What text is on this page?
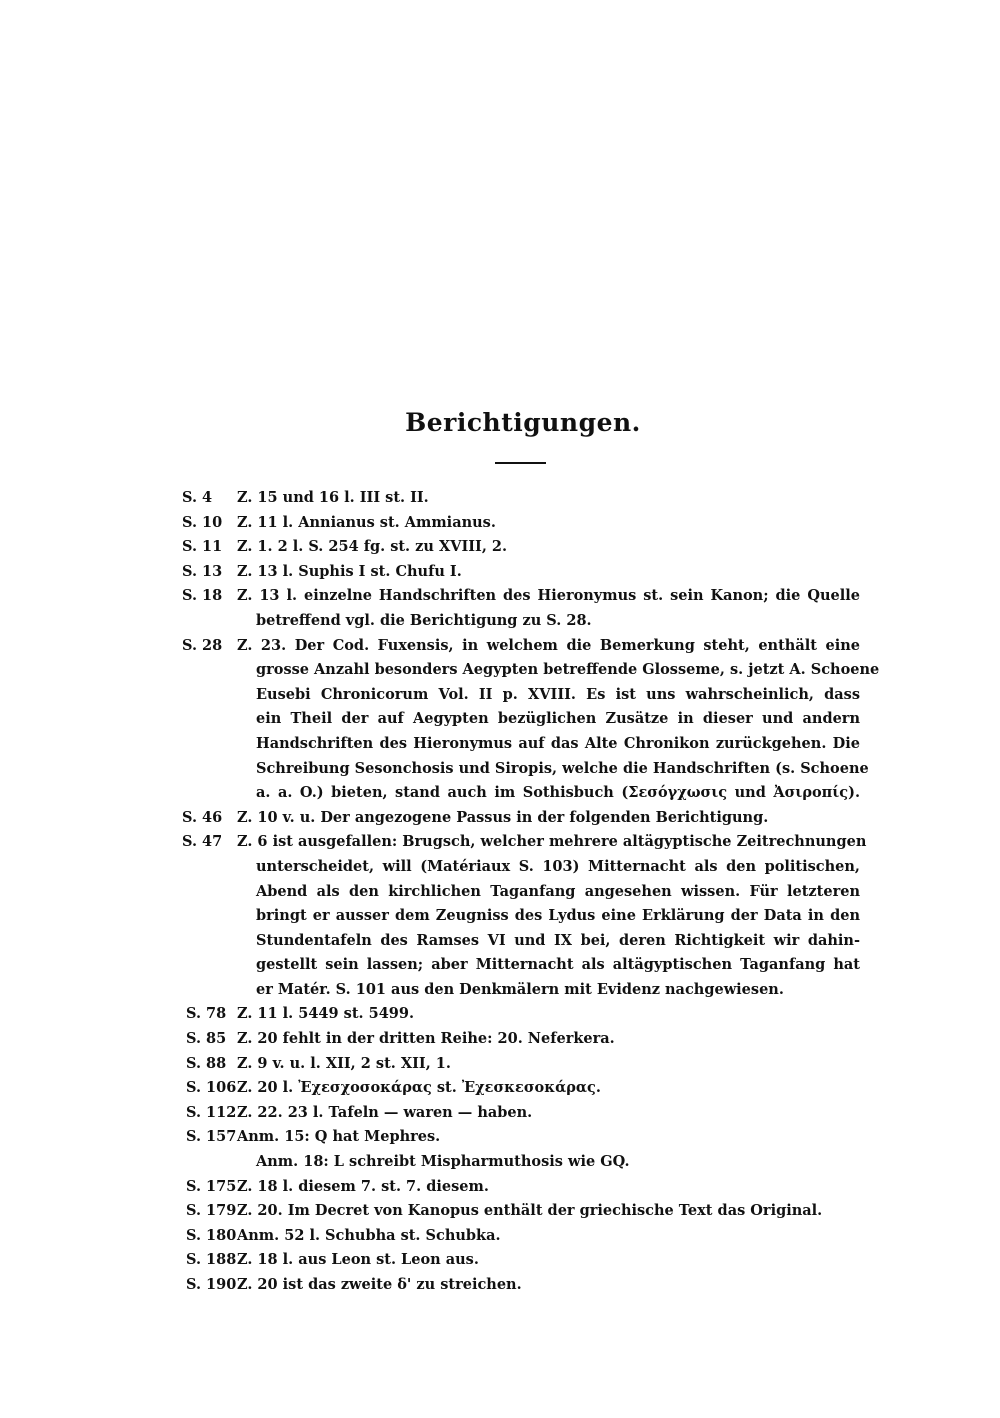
Berichtigungen.
S. 4	Z. 15 und 16 l. III st. II.
S. 10	Z. 11 l. Annianus st. Ammianus.
S. 11	Z. 1. 2 l. S. 254 fg. st. zu XVIII, 2.
S. 13	Z. 13 l. Suphis I st. Chufu I.
S. 18 Z. 13 l. einzelne Handschriften des Hieronymus st. sein Kanon; die Quelle
betreffend vgl. die Berichtigung zu S. 28.
S. 28 Z. 23. Der Cod. Fuxensis, in welchem die Bemerkung steht, enthält eine
grosse Anzahl besonders Aegypten betreffende Glosseme, s. jetzt A. Schoene
Eusebi Chronicorum Vol. II p. XVIII. Es ist uns wahrscheinlich, dass
ein Theil der auf Aegypten bezüglichen Zusätze in dieser und andern
Handschriften des Hieronymus auf das Alte Chronikon zurückgehen. Die
Schreibung Sesonchosis und Siropis, welche die Handschriften (s. Schoene
a. a. O.) bieten, stand auch im Sothisbuch (Σεσόγχωσις und Ἀσιροπίς).
S. 46	Z. 10 v. u. Der angezogene Passus in der folgenden Berichtigung.
S. 47 Z. 6 ist ausgefallen: Brugsch, welcher mehrere altägyptische Zeitrechnungen
unterscheidet, will (Matériaux S. 103) Mitternacht als den politischen,
Abend als den kirchlichen Taganfang angesehen wissen. Für letzteren
bringt er ausser dem Zeugniss des Lydus eine Erklärung der Data in den
Stundentafeln des Ramses VI und IX bei, deren Richtigkeit wir dahin-
gestellt sein lassen; aber Mitternacht als altägyptischen Taganfang hat
er Matér. S. 101 aus den Denkmälern mit Evidenz nachgewiesen.
S. 78 Z. 11 l. 5449 st. 5499.
S. 85 Z. 20 fehlt in der dritten Reihe: 20. Neferkera.
S. 88 Z. 9 v. u. l. XII, 2 st. XII, 1.
S. 106 Z. 20 l. Ἐχεσχοσοκάρας st. Ἐχεσκεσοκάρας.
S. 112 Z. 22. 23 l. Tafeln — waren — haben.
S. 157 Anm. 15: Q hat Mephres.
Anm. 18: L schreibt Mispharmuthosis wie GQ.
S. 175 Z. 18 l. diesem 7. st. 7. diesem.
S. 179 Z. 20. Im Decret von Kanopus enthält der griechische Text das Original.
S. 180 Anm. 52 l. Schubha st. Schubka.
S. 188 Z. 18 l. aus Leon st. Leon aus.
S. 190 Z. 20 ist das zweite δ' zu streichen.
